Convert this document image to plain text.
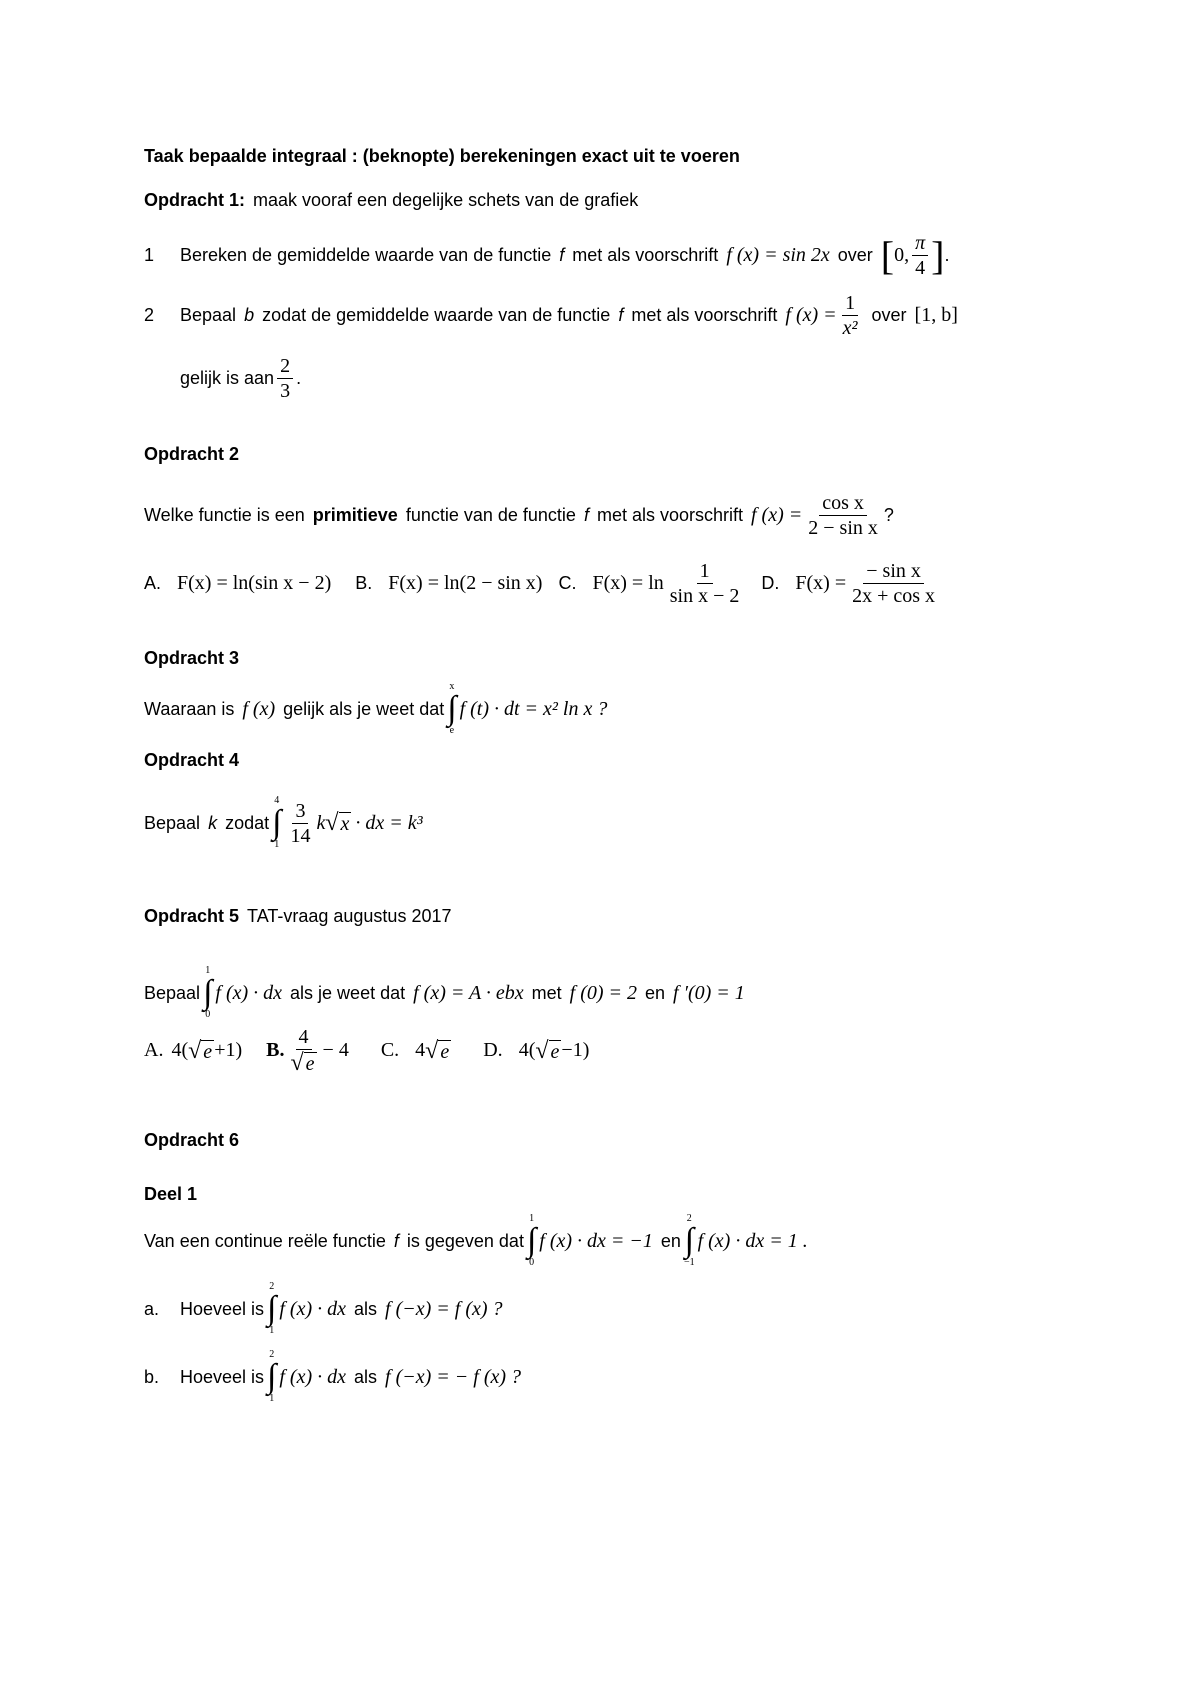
Taak bepaalde integraal : (beknopte) berekeningen exact uit te voeren
Opdracht 1: maak vooraf een degelijke schets van de grafiek
1	Bereken de gemiddelde waarde van de functie f met als voorschrift f (x) = sin 2x over [ 0, $\frac{\pi}{4}$ ] .
2	Bepaal b zodat de gemiddelde waarde van de functie f met als voorschrift f $(x) = \frac{1}{\text{x²}}$ over [1, b]
gelijk is aan $\frac{2}{3}$ .
Opdracht 2
Welke functie is een primitieve functie van de functie f met als voorschrift f $(x) = \frac{\text{cos x}}{\text{2 − sin x}}$ ?
A. F(x) = ln(sin x − 2) B. F(x) = ln(2 − sin x) C. $F(x) = \ln \frac{1}{\text{sin x − 2}} D$. $F(x) = \frac{\text{− sin x}}{\text{2x + cos x}}$
Opdracht 3
Waaraan is f (x) gelijk als je weet dat
x
∫
e
f (t) · dt = x² ln x ?
Opdracht 4
Bepaal k zodat
4
∫
$1 \frac{3}{14}$ k √ x · dx = k³
Opdracht 5 TAT-vraag augustus 2017
Bepaal
1
∫
0
f (x) · dx als je weet dat f (x) = A · e bx met f (0) = 2 en f ′(0) = 1
A. 4( √ e +1) B. $\frac{4}{√ e} - 4$ C. 4 √ e D. 4( √ e −1)
Opdracht 6
Deel 1
Van een continue reële functie f is gegeven dat
1
∫
0
f (x) · dx = −1 en
2
∫
−1
f (x) · dx = 1 .
a.	Hoeveel is
2
∫
1
f (x) · dx als f (−x) = f (x) ?
b.	Hoeveel is
2
∫
1
f (x) · dx als f (−x) = − f (x) ?
